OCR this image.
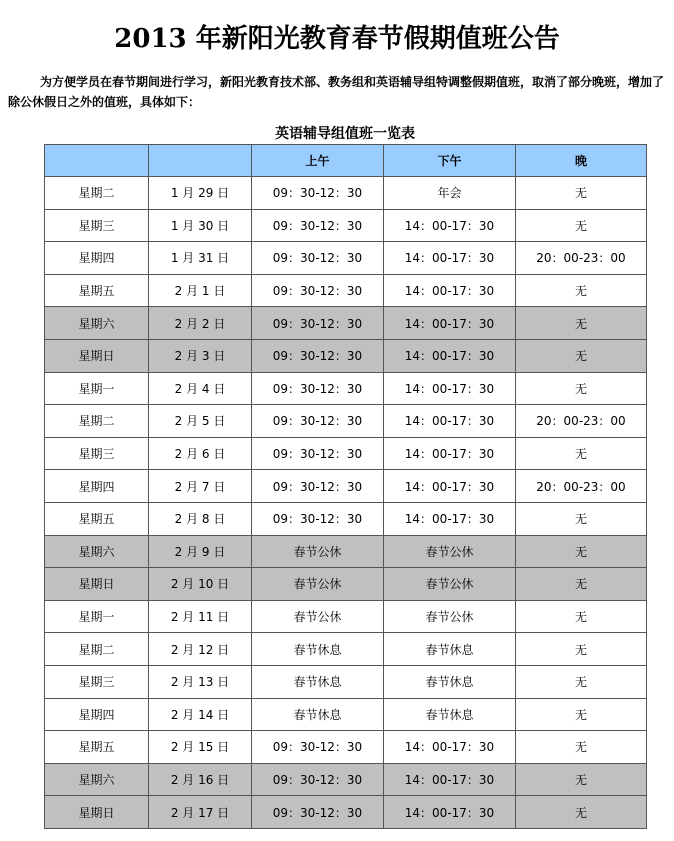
2013 年新阳光教育春节假期值班公告

为方便学员在春节期间进行学习，新阳光教育技术部、教务组和英语辅导组特调整假期值班，取消了部分晚班，增加了除公休假日之外的值班，具体如下：

英语辅导组值班一览表
		上午	下午	晚
星期二	1 月 29 日	09：30-12：30	年会	无
星期三	1 月 30 日	09：30-12：30	14：00-17：30	无
星期四	1 月 31 日	09：30-12：30	14：00-17：30	20：00-23：00
星期五	2 月 1 日	09：30-12：30	14：00-17：30	无
星期六	2 月 2 日	09：30-12：30	14：00-17：30	无
星期日	2 月 3 日	09：30-12：30	14：00-17：30	无
星期一	2 月 4 日	09：30-12：30	14：00-17：30	无
星期二	2 月 5 日	09：30-12：30	14：00-17：30	20：00-23：00
星期三	2 月 6 日	09：30-12：30	14：00-17：30	无
星期四	2 月 7 日	09：30-12：30	14：00-17：30	20：00-23：00
星期五	2 月 8 日	09：30-12：30	14：00-17：30	无
星期六	2 月 9 日	春节公休	春节公休	无
星期日	2 月 10 日	春节公休	春节公休	无
星期一	2 月 11 日	春节公休	春节公休	无
星期二	2 月 12 日	春节休息	春节休息	无
星期三	2 月 13 日	春节休息	春节休息	无
星期四	2 月 14 日	春节休息	春节休息	无
星期五	2 月 15 日	09：30-12：30	14：00-17：30	无
星期六	2 月 16 日	09：30-12：30	14：00-17：30	无
星期日	2 月 17 日	09：30-12：30	14：00-17：30	无
